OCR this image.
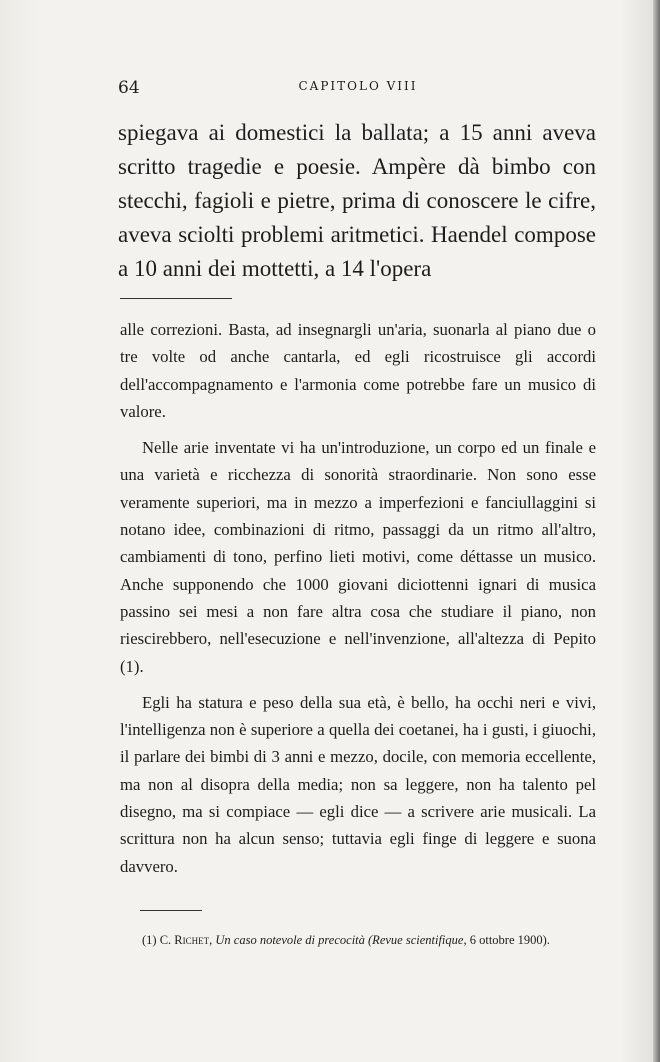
64	CAPITOLO VIII

spiegava ai domestici la ballata; a 15 anni aveva scritto tragedie e poesie. Ampère dà bimbo con stecchi, fagioli e pietre, prima di conoscere le cifre, aveva sciolti problemi aritmetici. Haendel compose a 10 anni dei mottetti, a 14 l'opera

alle correzioni. Basta, ad insegnargli un'aria, suonarla al piano due o tre volte od anche cantarla, ed egli ricostruisce gli accordi dell'accompagnamento e l'armonia come potrebbe fare un musico di valore.

Nelle arie inventate vi ha un'introduzione, un corpo ed un finale e una varietà e ricchezza di sonorità straordinarie. Non sono esse veramente superiori, ma in mezzo a imperfezioni e fanciullaggini si notano idee, combinazioni di ritmo, passaggi da un ritmo all'altro, cambiamenti di tono, perfino lieti motivi, come déttasse un musico. Anche supponendo che 1000 giovani diciottenni ignari di musica passino sei mesi a non fare altra cosa che studiare il piano, non riescirebbero, nell'esecuzione e nell'invenzione, all'altezza di Pepito (1).

Egli ha statura e peso della sua età, è bello, ha occhi neri e vivi, l'intelligenza non è superiore a quella dei coetanei, ha i gusti, i giuochi, il parlare dei bimbi di 3 anni e mezzo, docile, con memoria eccellente, ma non al disopra della media; non sa leggere, non ha talento pel disegno, ma si compiace — egli dice — a scrivere arie musicali. La scrittura non ha alcun senso; tuttavia egli finge di leggere e suona davvero.

(1) C. Richet, Un caso notevole di precocità (Revue scientifique, 6 ottobre 1900).
